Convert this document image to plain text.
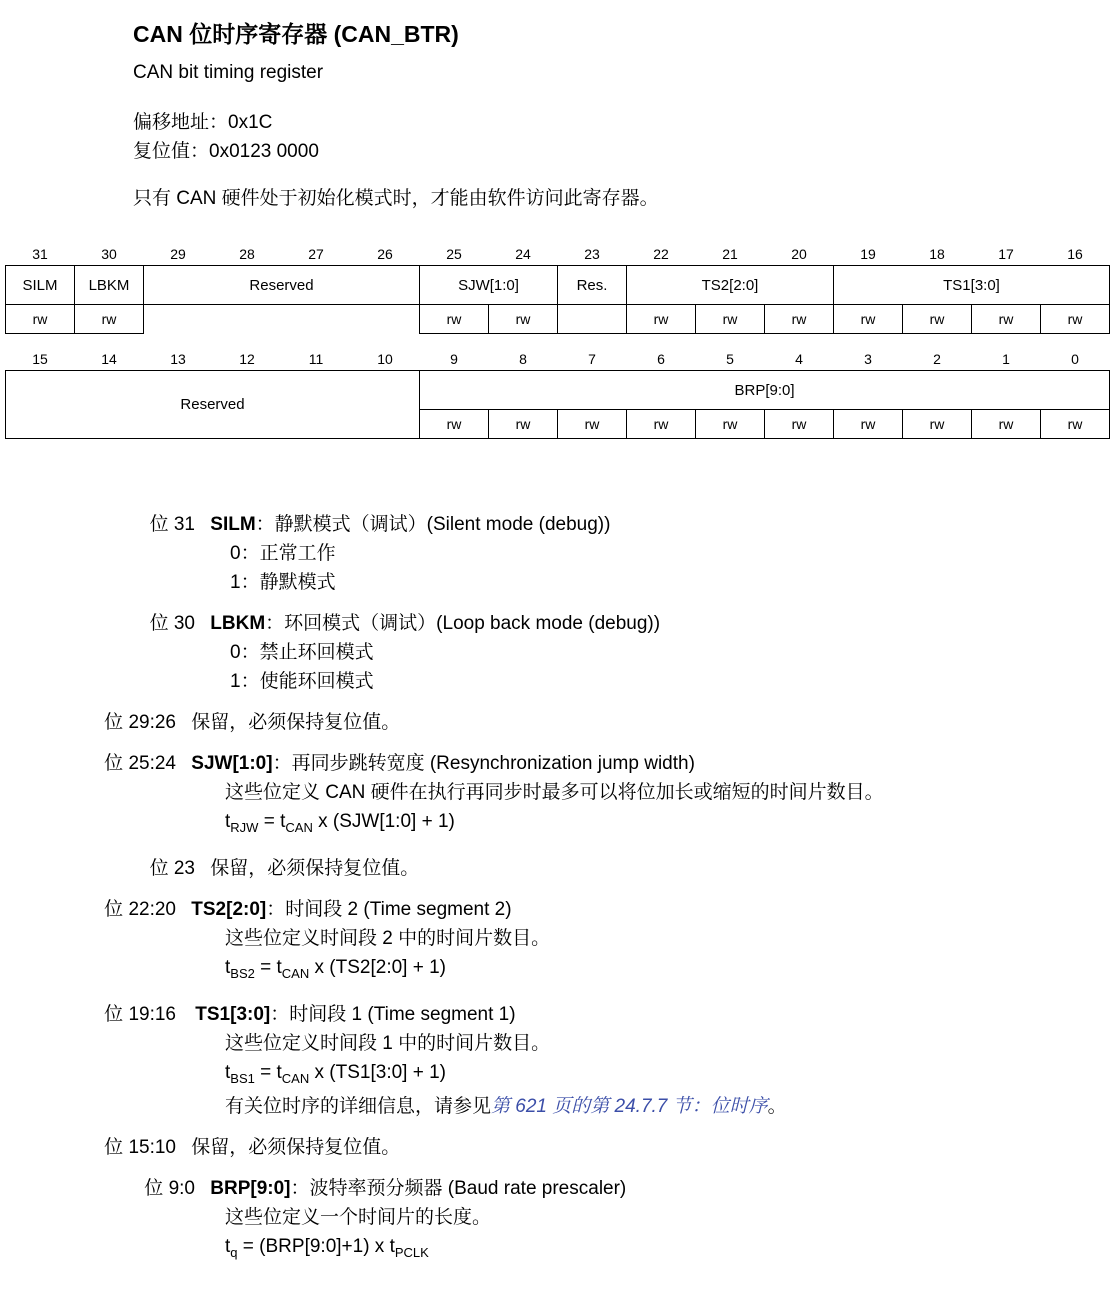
CAN 位时序寄存器 (CAN_BTR)
CAN bit timing register
偏移地址：0x1C
复位值：0x0123 0000
只有 CAN 硬件处于初始化模式时，才能由软件访问此寄存器。
31	30	29	28	27	26	25	24	23	22	21	20	19	18	17	16
SILM	LBKM	Reserved				SJW[1:0]		Res.	TS2[2:0]			TS1[3:0]			
rw	rw					rw	rw		rw	rw	rw	rw	rw	rw	rw
15	14	13	12	11	10	9	8	7	6	5	4	3	2	1	0
Reserved						BRP[9:0]									
						rw	rw	rw	rw	rw	rw	rw	rw	rw	rw
位 31 SILM：静默模式（调试）(Silent mode (debug))
0：正常工作
1：静默模式
位 30 LBKM：环回模式（调试）(Loop back mode (debug))
0：禁止环回模式
1：使能环回模式
位 29:26 保留，必须保持复位值。
位 25:24 SJW[1:0]：再同步跳转宽度 (Resynchronization jump width)
这些位定义 CAN 硬件在执行再同步时最多可以将位加长或缩短的时间片数目。
$t_{RJW} = t_{CAN}$ x (SJW[1:0] + 1)
位 23 保留，必须保持复位值。
位 22:20 TS2[2:0]：时间段 2 (Time segment 2)
这些位定义时间段 2 中的时间片数目。
$t_{BS2} = t_{CAN}$ x (TS2[2:0] + 1)
位 19:16 TS1[3:0]：时间段 1 (Time segment 1)
这些位定义时间段 1 中的时间片数目。
$t_{BS1} = t_{CAN}$ x (TS1[3:0] + 1)
有关位时序的详细信息，请参见第 621 页的第 24.7.7 节：位时序。
位 15:10 保留，必须保持复位值。
位 9:0 BRP[9:0]：波特率预分频器 (Baud rate prescaler)
这些位定义一个时间片的长度。
$t_q$ = (BRP[9:0]+1) x $t_{PCLK}$
